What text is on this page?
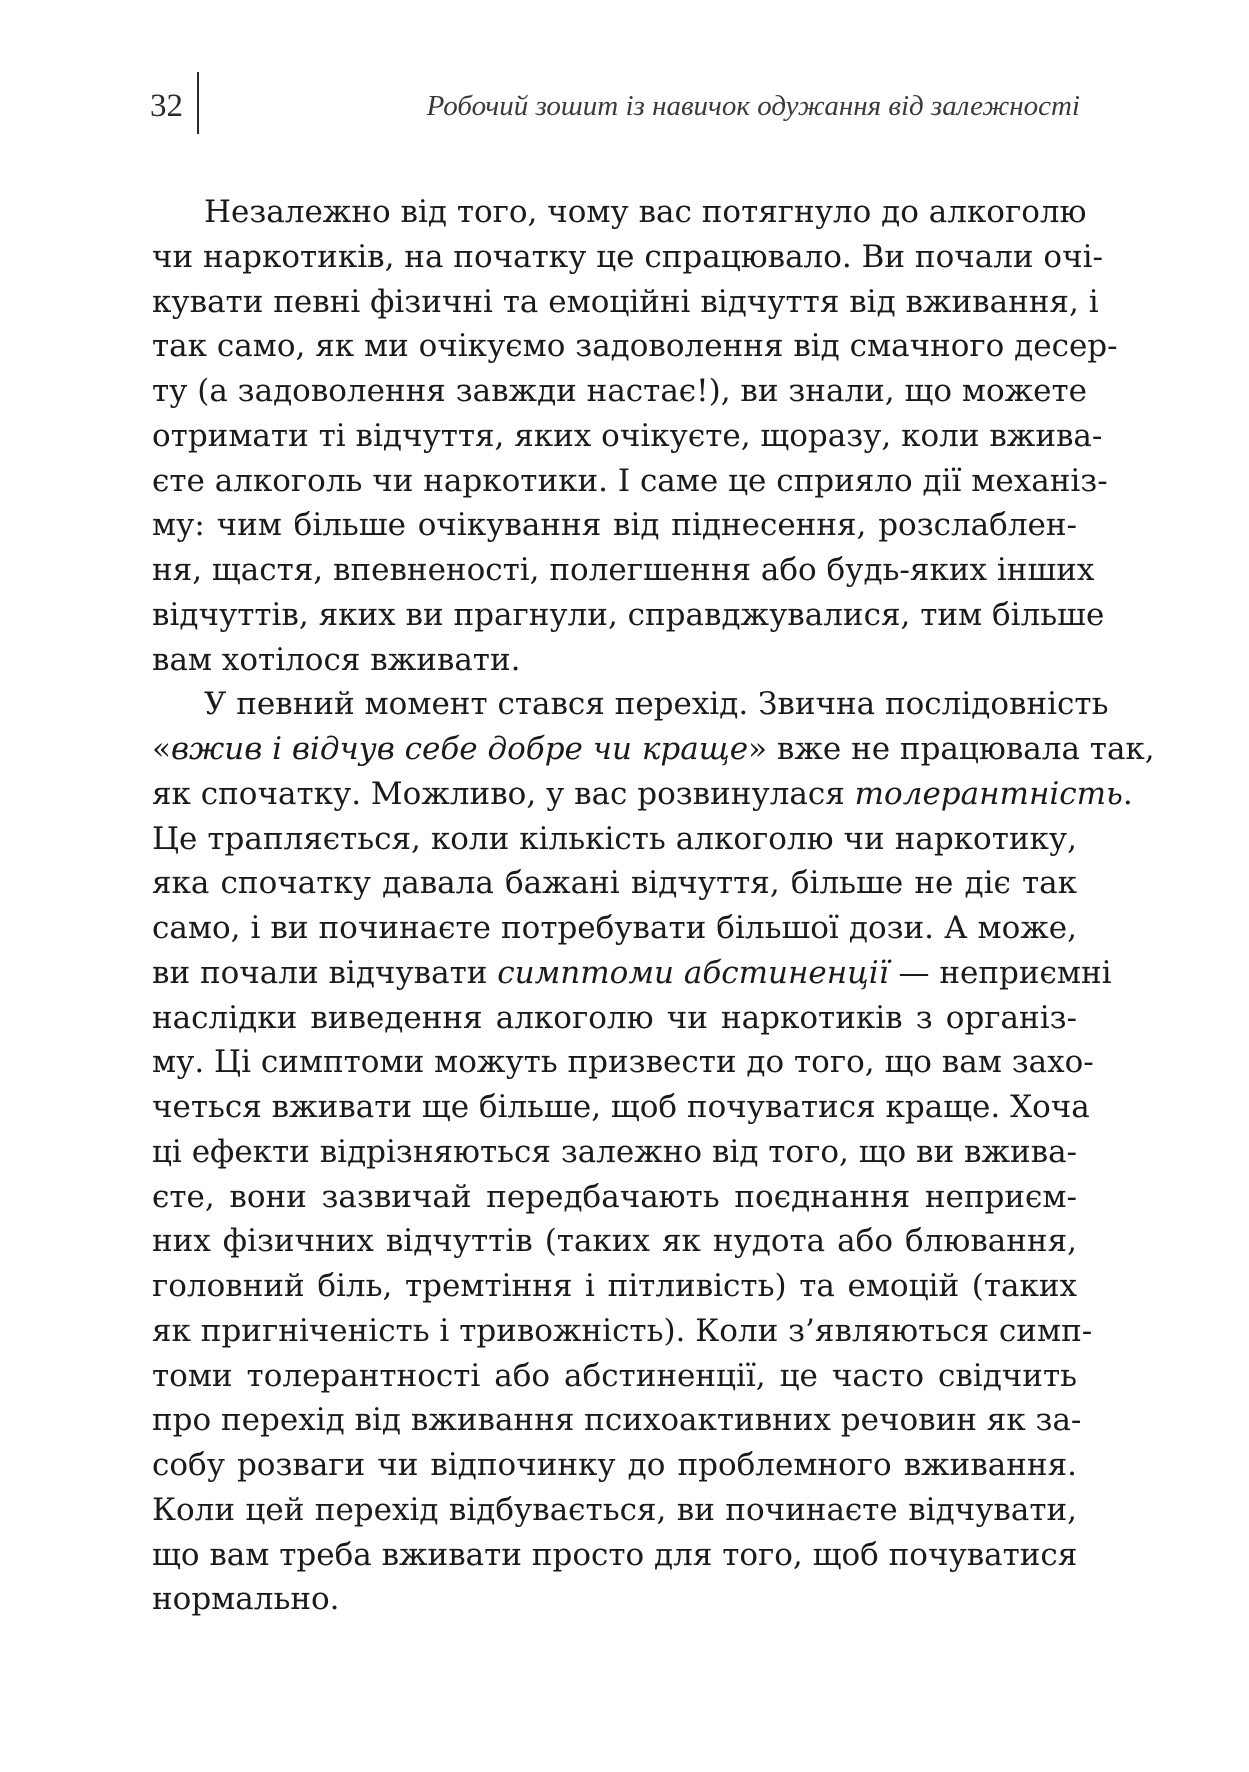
32	Робочий зошит із навичок одужання від залежності
Незалежно від того, чому вас потягнуло до алкоголю
чи наркотиків, на початку це спрацювало. Ви почали очі-
кувати певні фізичні та емоційні відчуття від вживання, і
так само, як ми очікуємо задоволення від смачного десер-
ту (а задоволення завжди настає!), ви знали, що можете
отримати ті відчуття, яких очікуєте, щоразу, коли вжива-
єте алкоголь чи наркотики. І саме це сприяло дії механіз-
му: чим більше очікування від піднесення, розслаблен-
ня, щастя, впевненості, полегшення або будь-яких інших
відчуттів, яких ви прагнули, справджувалися, тим більше
вам хотілося вживати.
У певний момент стався перехід. Звична послідовність
«вжив і відчув себе добре чи краще» вже не працювала так,
як спочатку. Можливо, у вас розвинулася толерантність.
Це трапляється, коли кількість алкоголю чи наркотику,
яка спочатку давала бажані відчуття, більше не діє так
само, і ви починаєте потребувати більшої дози. А може,
ви почали відчувати симптоми абстиненції — неприємні
наслідки виведення алкоголю чи наркотиків з організ-
му. Ці симптоми можуть призвести до того, що вам захо-
четься вживати ще більше, щоб почуватися краще. Хоча
ці ефекти відрізняються залежно від того, що ви вжива-
єте, вони зазвичай передбачають поєднання неприєм-
них фізичних відчуттів (таких як нудота або блювання,
головний біль, тремтіння і пітливість) та емоцій (таких
як пригніченість і тривожність). Коли з’являються симп-
томи толерантності або абстиненції, це часто свідчить
про перехід від вживання психоактивних речовин як за-
собу розваги чи відпочинку до проблемного вживання.
Коли цей перехід відбувається, ви починаєте відчувати,
що вам треба вживати просто для того, щоб почуватися
нормально.
